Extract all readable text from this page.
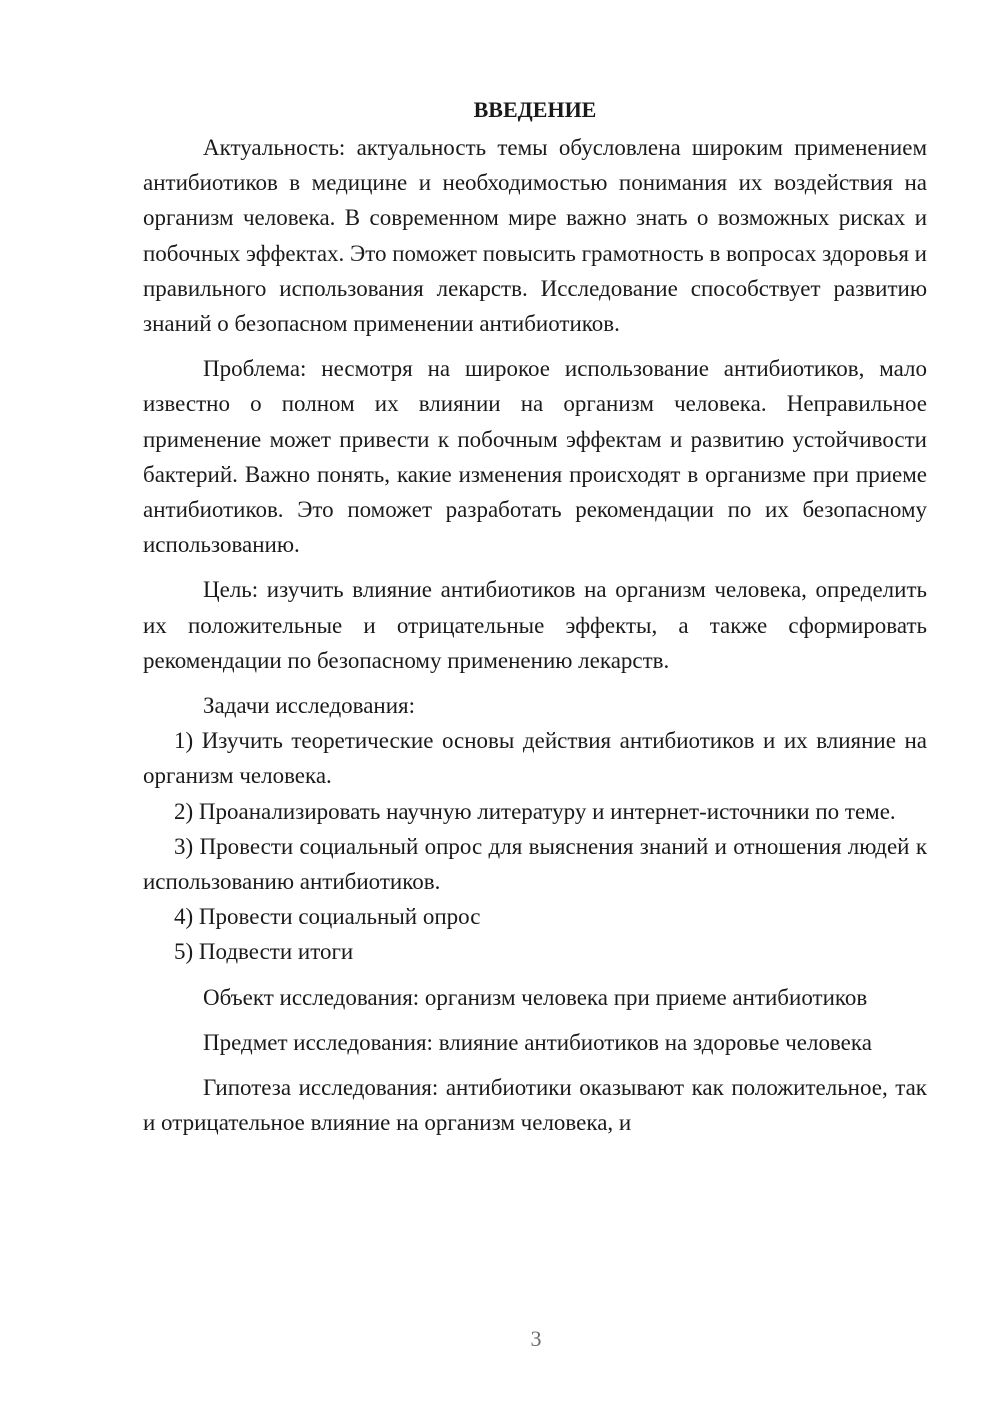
ВВЕДЕНИЕ

Актуальность: актуальность темы обусловлена широким применением антибиотиков в медицине и необходимостью понимания их воздействия на организм человека. В современном мире важно знать о возможных рисках и побочных эффектах. Это поможет повысить грамотность в вопросах здоровья и правильного использования лекарств. Исследование способствует развитию знаний о безопасном применении антибиотиков.

Проблема: несмотря на широкое использование антибиотиков, мало известно о полном их влиянии на организм человека. Неправильное применение может привести к побочным эффектам и развитию устойчивости бактерий. Важно понять, какие изменения происходят в организме при приеме антибиотиков. Это поможет разработать рекомендации по их безопасному использованию.

Цель: изучить влияние антибиотиков на организм человека, определить их положительные и отрицательные эффекты, а также сформировать рекомендации по безопасному применению лекарств.

Задачи исследования:

1) Изучить теоретические основы действия антибиотиков и их влияние на организм человека.

2) Проанализировать научную литературу и интернет-источники по теме.

3) Провести социальный опрос для выяснения знаний и отношения людей к использованию антибиотиков.

4) Провести социальный опрос

5) Подвести итоги

Объект исследования: организм человека при приеме антибиотиков

Предмет исследования: влияние антибиотиков на здоровье человека

Гипотеза исследования: антибиотики оказывают как положительное, так и отрицательное влияние на организм человека, и

3
